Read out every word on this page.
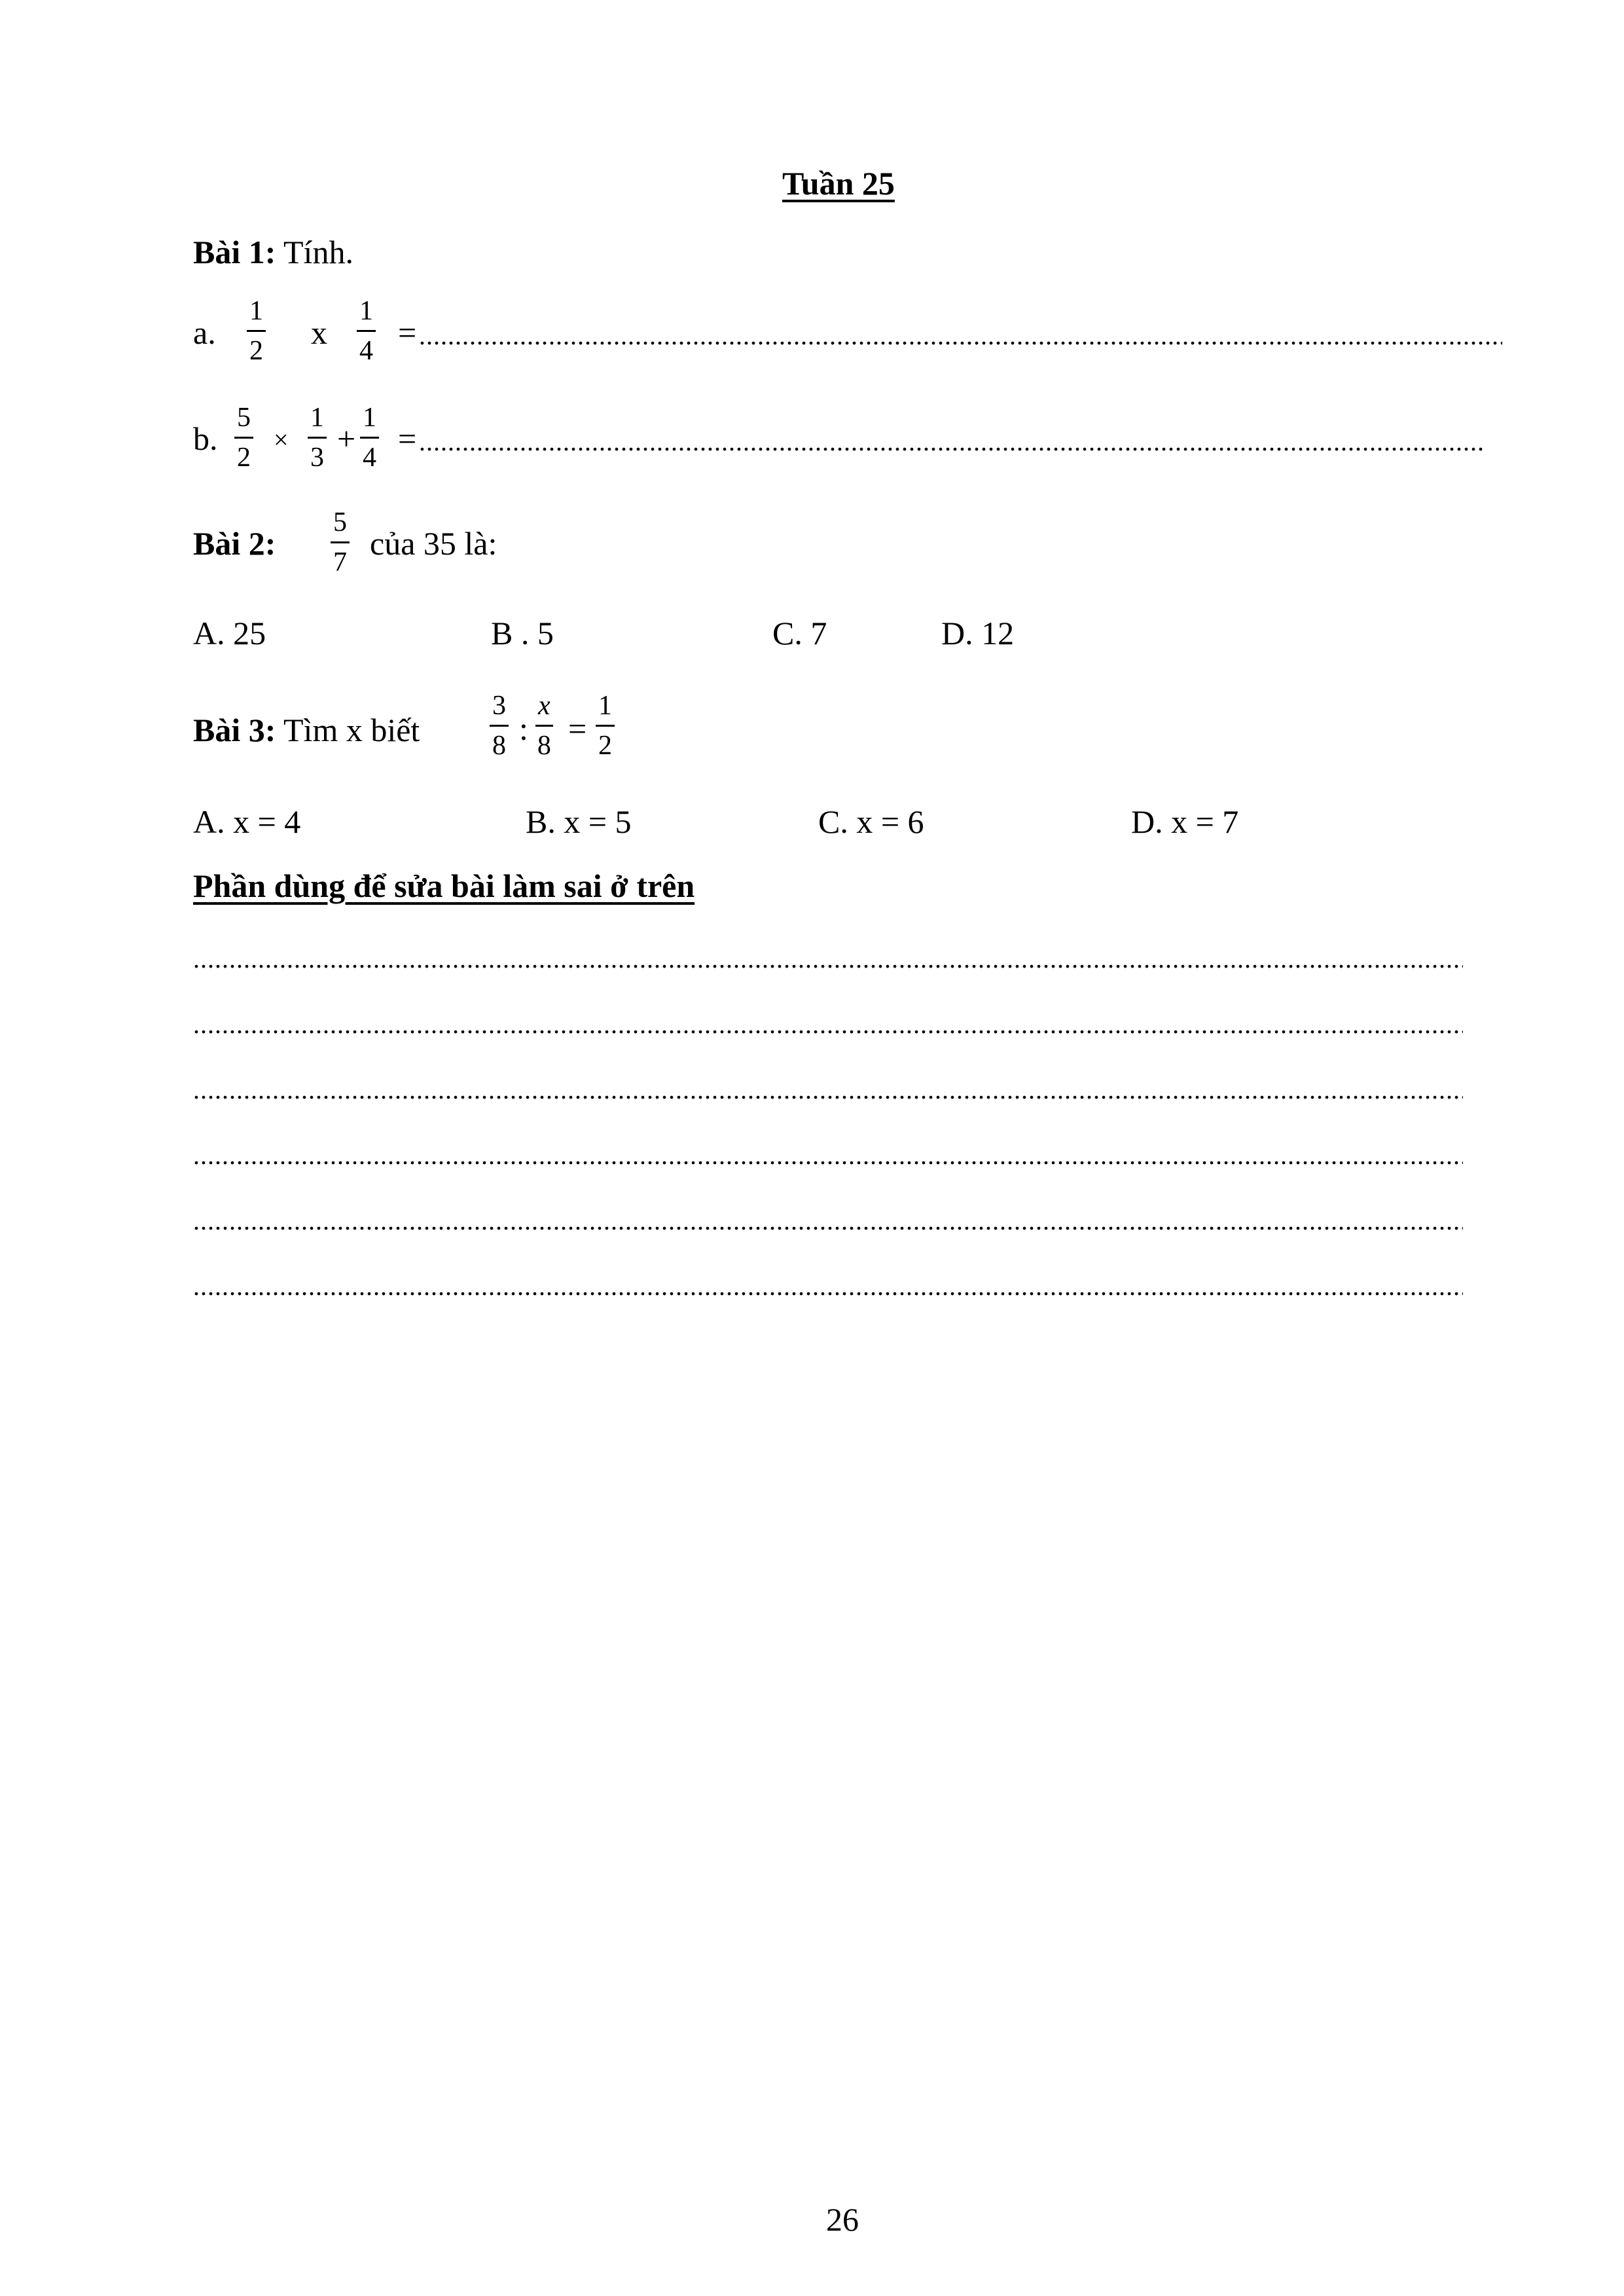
Tuần 25
Bài 1: Tính.
a. $\frac{1}{2}$ x $\frac{1}{4}$ =
.....
b. $\frac{5}{2} \times \frac{1}{3} + \frac{1}{4}$ =
.....
Bài 2: $\frac{5}{7}$ của 35 là:
A. 25	B . 5	C. 7	D. 12
Bài 3: Tìm x biết	$\frac{3}{8}$ : $\frac{x}{8} = \frac{1}{2}$
A. x = 4	B. x = 5	C. x = 6	D. x = 7
Phần dùng để sửa bài làm sai ở trên
.....
.....
.....
.....
.....
.....
26
